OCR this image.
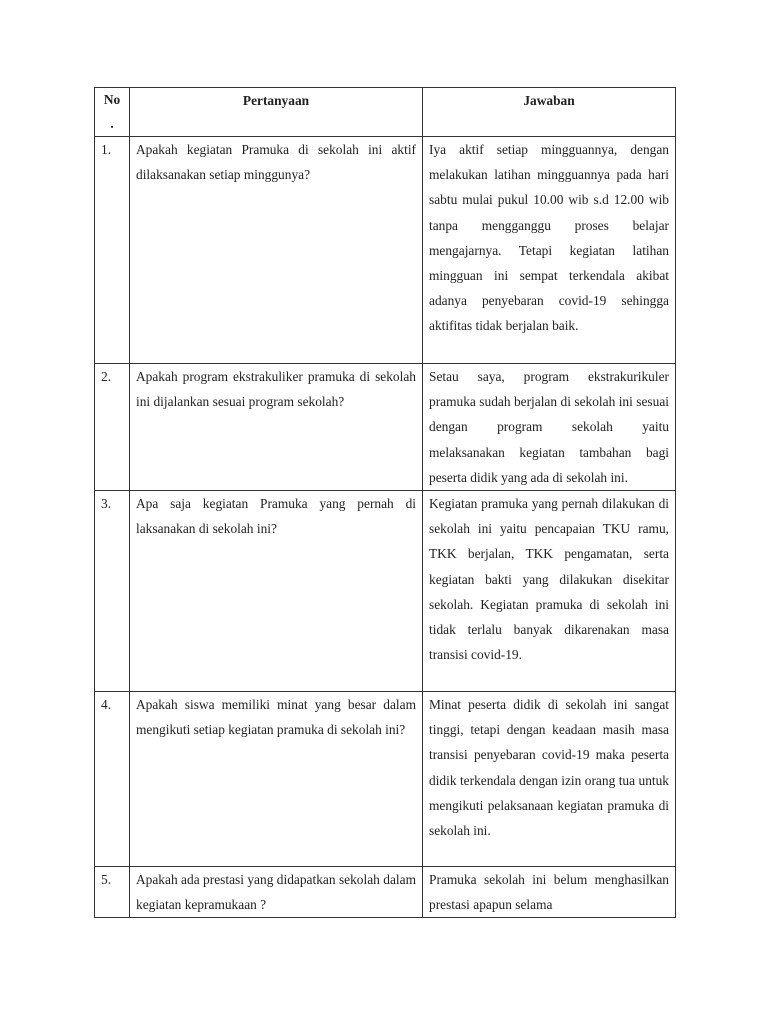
No .	Pertanyaan	Jawaban
1.	Apakah kegiatan Pramuka di sekolah ini aktif dilaksanakan setiap minggunya?	Iya aktif setiap mingguannya, dengan melakukan latihan mingguannya pada hari sabtu mulai pukul 10.00 wib s.d 12.00 wib tanpa mengganggu proses belajar mengajarnya. Tetapi kegiatan latihan mingguan ini sempat terkendala akibat adanya penyebaran covid-19 sehingga aktifitas tidak berjalan baik.
2.	Apakah program ekstrakuliker pramuka di sekolah ini dijalankan sesuai program sekolah?	Setau saya, program ekstrakurikuler pramuka sudah berjalan di sekolah ini sesuai dengan program sekolah yaitu melaksanakan kegiatan tambahan bagi peserta didik yang ada di sekolah ini.
3.	Apa saja kegiatan Pramuka yang pernah di laksanakan di sekolah ini?	Kegiatan pramuka yang pernah dilakukan di sekolah ini yaitu pencapaian TKU ramu, TKK berjalan, TKK pengamatan, serta kegiatan bakti yang dilakukan disekitar sekolah. Kegiatan pramuka di sekolah ini tidak terlalu banyak dikarenakan masa transisi covid-19.
4.	Apakah siswa memiliki minat yang besar dalam mengikuti setiap kegiatan pramuka di sekolah ini?	Minat peserta didik di sekolah ini sangat tinggi, tetapi dengan keadaan masih masa transisi penyebaran covid-19 maka peserta didik terkendala dengan izin orang tua untuk mengikuti pelaksanaan kegiatan pramuka di sekolah ini.
5.	Apakah ada prestasi yang didapatkan sekolah dalam kegiatan kepramukaan ?	Pramuka sekolah ini belum menghasilkan prestasi apapun selama
